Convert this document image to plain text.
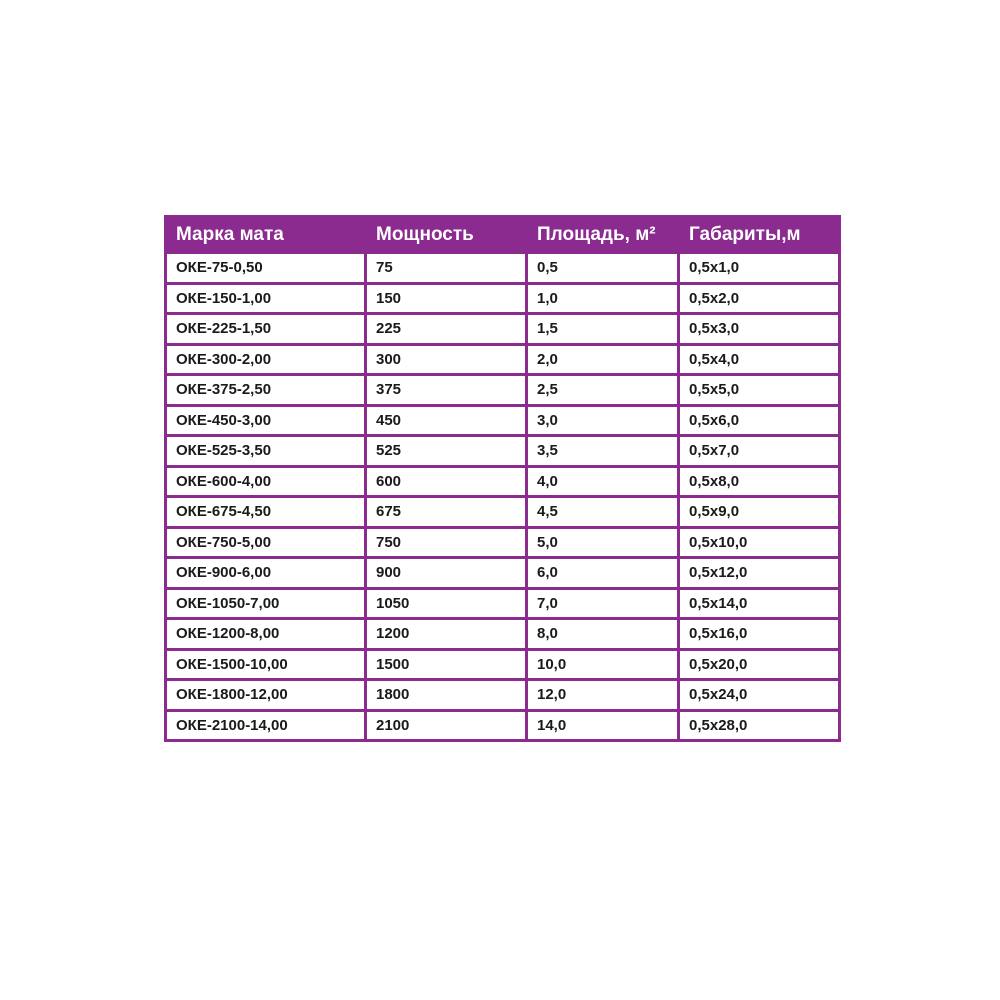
Марка мата	Мощность	Площадь, м²	Габариты,м
ОКЕ-75-0,50	75	0,5	0,5x1,0
ОКЕ-150-1,00	150	1,0	0,5x2,0
ОКЕ-225-1,50	225	1,5	0,5x3,0
ОКЕ-300-2,00	300	2,0	0,5x4,0
ОКЕ-375-2,50	375	2,5	0,5x5,0
ОКЕ-450-3,00	450	3,0	0,5x6,0
ОКЕ-525-3,50	525	3,5	0,5x7,0
ОКЕ-600-4,00	600	4,0	0,5x8,0
ОКЕ-675-4,50	675	4,5	0,5x9,0
ОКЕ-750-5,00	750	5,0	0,5x10,0
ОКЕ-900-6,00	900	6,0	0,5x12,0
ОКЕ-1050-7,00	1050	7,0	0,5x14,0
ОКЕ-1200-8,00	1200	8,0	0,5x16,0
ОКЕ-1500-10,00	1500	10,0	0,5x20,0
ОКЕ-1800-12,00	1800	12,0	0,5x24,0
ОКЕ-2100-14,00	2100	14,0	0,5x28,0
